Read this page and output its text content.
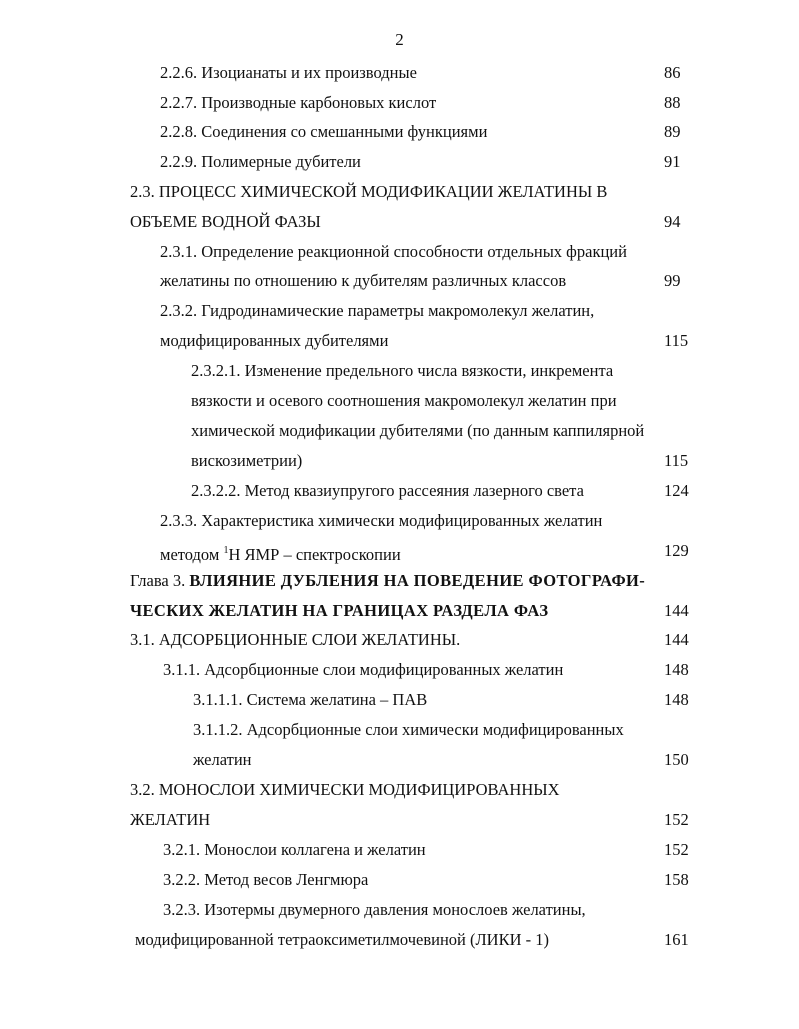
2
2.2.6. Изоцианаты и их производные	86
2.2.7. Производные карбоновых кислот	88
2.2.8. Соединения со смешанными функциями	89
2.2.9. Полимерные дубители	91
2.3. ПРОЦЕСС ХИМИЧЕСКОЙ МОДИФИКАЦИИ ЖЕЛАТИНЫ В
ОБЪЕМЕ ВОДНОЙ ФАЗЫ	94
2.3.1. Определение реакционной способности отдельных фракций
желатины по отношению к дубителям различных классов	99
2.3.2. Гидродинамические параметры макромолекул желатин,
модифицированных дубителями	115
2.3.2.1. Изменение предельного числа вязкости, инкремента
вязкости и осевого соотношения макромолекул желатин при
химической модификации дубителями (по данным каппилярной
вискозиметрии)	115
2.3.2.2. Метод квазиупругого рассеяния лазерного света	124
2.3.3. Характеристика химически модифицированных желатин
методом $^1$Н ЯМР – спектроскопии	129
Глава 3. ВЛИЯНИЕ ДУБЛЕНИЯ НА ПОВЕДЕНИЕ ФОТОГРАФИ-
ЧЕСКИХ ЖЕЛАТИН НА ГРАНИЦАХ РАЗДЕЛА ФАЗ	144
3.1. АДСОРБЦИОННЫЕ СЛОИ ЖЕЛАТИНЫ.	144
3.1.1. Адсорбционные слои модифицированных желатин	148
3.1.1.1. Система желатина – ПАВ	148
3.1.1.2. Адсорбционные слои химически модифицированных
желатин	150
3.2. МОНОСЛОИ ХИМИЧЕСКИ МОДИФИЦИРОВАННЫХ
ЖЕЛАТИН	152
3.2.1. Монослои коллагена и желатин	152
3.2.2. Метод весов Ленгмюра	158
3.2.3. Изотермы двумерного давления монослоев желатины,
модифицированной тетраоксиметилмочевиной (ЛИКИ - 1)	161
